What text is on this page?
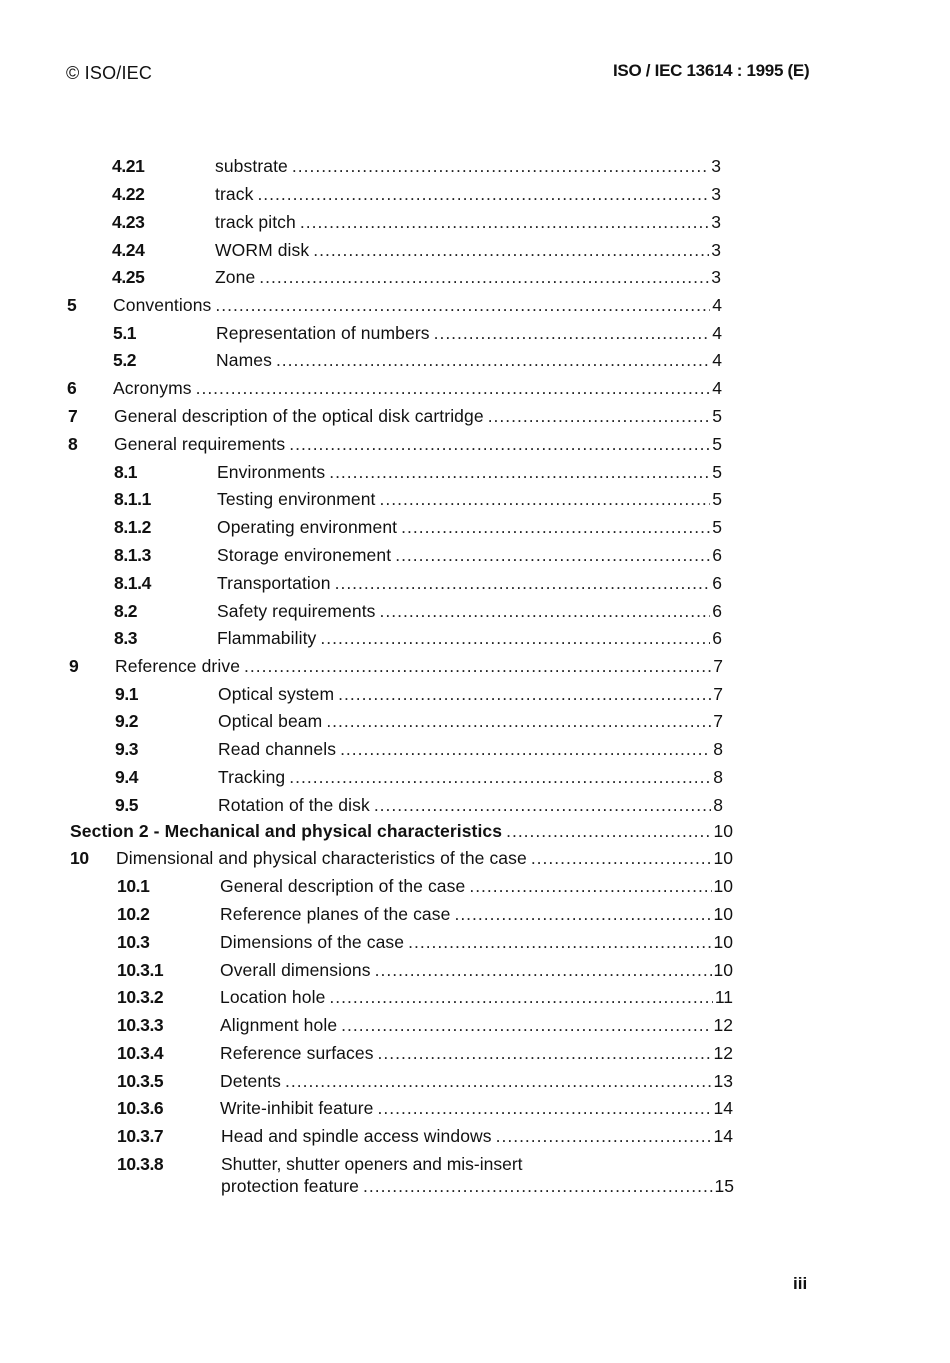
© ISO/IEC	ISO / IEC 13614 : 1995 (E)
4.21	substrate .....	3
4.22	track .....	3
4.23	track pitch .....	3
4.24	WORM disk .....	3
4.25	Zone .....	3
5 Conventions .....	4
5.1	Representation of numbers .....	4
5.2	Names .....	4
6 Acronyms .....	4
7 General description of the optical disk cartridge .....	5
8 General requirements .....	5
8.1	Environments .....	5
8.1.1	Testing environment .....	5
8.1.2	Operating environment .....	5
8.1.3	Storage environement .....	6
8.1.4	Transportation .....	6
8.2	Safety requirements .....	6
8.3	Flammability .....	6
9 Reference drive .....	7
9.1	Optical system .....	7
9.2	Optical beam .....	7
9.3	Read channels .....	8
9.4	Tracking .....	8
9.5	Rotation of the disk .....	8
Section 2 - Mechanical and physical characteristics .....	10
10 Dimensional and physical characteristics of the case .....	10
10.1	General description of the case .....	10
10.2	Reference planes of the case .....	10
10.3	Dimensions of the case .....	10
10.3.1	Overall dimensions .....	10
10.3.2	Location hole .....	11
10.3.3	Alignment hole .....	12
10.3.4	Reference surfaces .....	12
10.3.5	Detents .....	13
10.3.6	Write-inhibit feature .....	14
10.3.7	Head and spindle access windows .....	14
10.3.8	Shutter, shutter openers and mis-insert
protection feature .....	15
iii
